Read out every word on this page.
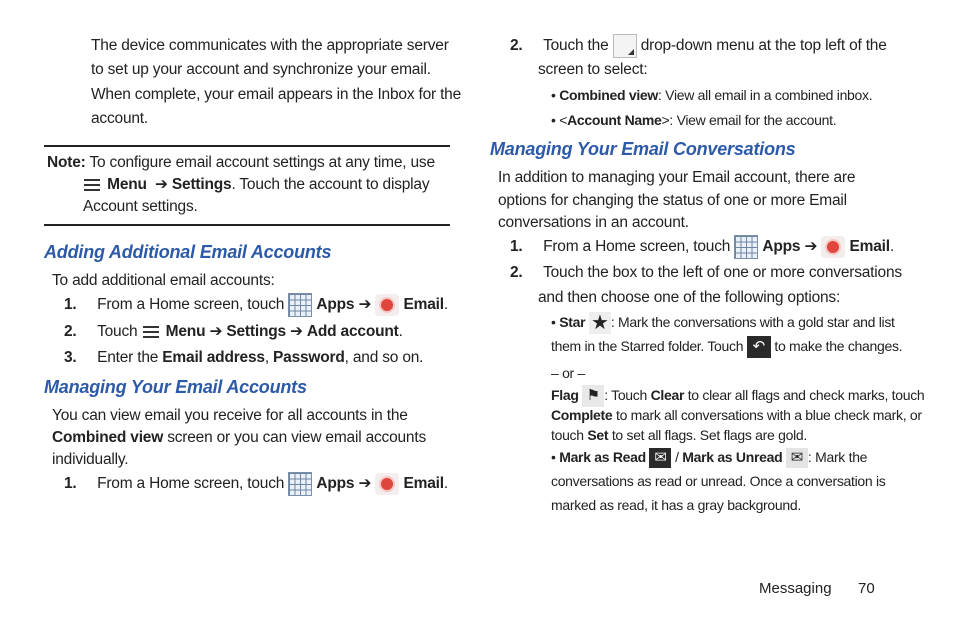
The device communicates with the appropriate server
to set up your account and synchronize your email.
When complete, your email appears in the Inbox for the
account.
Note: To configure email account settings at any time, use
Menu ➔ Settings. Touch the account to display
Account settings.
Adding Additional Email Accounts
To add additional email accounts:
1. From a Home screen, touch Apps ➔ Email.
2. Touch Menu ➔ Settings ➔ Add account.
3. Enter the Email address, Password, and so on.
Managing Your Email Accounts
You can view email you receive for all accounts in the
Combined view screen or you can view email accounts
individually.
1. From a Home screen, touch Apps ➔ Email.
2. Touch the drop-down menu at the top left of the
screen to select:
• Combined view: View all email in a combined inbox.
• <Account Name>: View email for the account.
Managing Your Email Conversations
In addition to managing your Email account, there are
options for changing the status of one or more Email
conversations in an account.
1. From a Home screen, touch Apps ➔ Email.
2. Touch the box to the left of one or more conversations
and then choose one of the following options:
• Star ★ : Mark the conversations with a gold star and list
them in the Starred folder. Touch ↶ to make the changes.
– or –
Flag ⚑ : Touch Clear to clear all flags and check marks, touch
Complete to mark all conversations with a blue check mark, or
touch Set to set all flags. Set flags are gold.
• Mark as Read ✉ / Mark as Unread ✉ : Mark the
conversations as read or unread. Once a conversation is
marked as read, it has a gray background.
Messaging 70
